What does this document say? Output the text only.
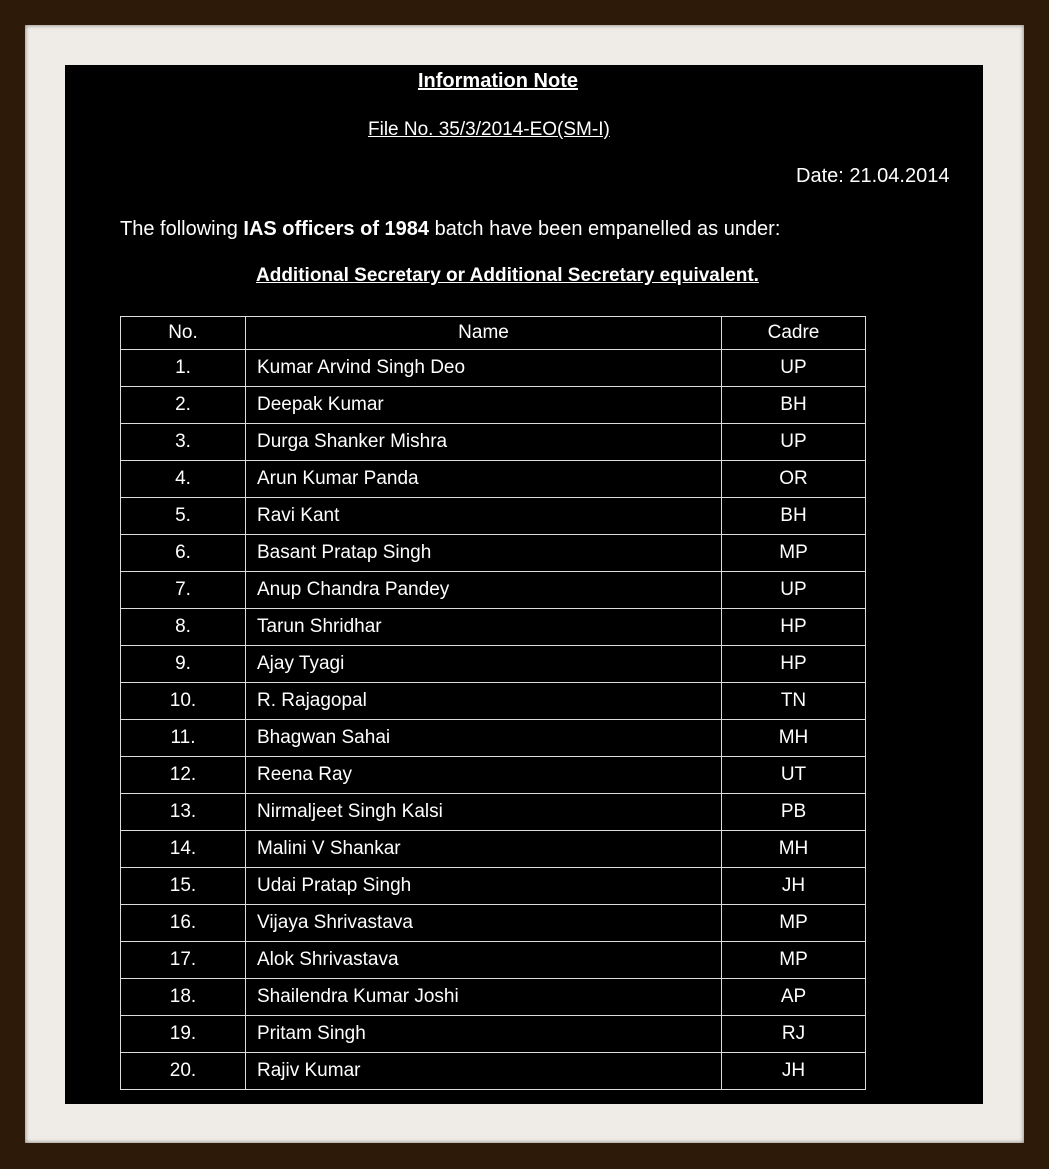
Information Note
File No. 35/3/2014-EO(SM-I)
Date: 21.04.2014
The following IAS officers of 1984 batch have been empanelled as under:
Additional Secretary or Additional Secretary equivalent.
No.	Name	Cadre
1.	Kumar Arvind Singh Deo	UP
2.	Deepak Kumar	BH
3.	Durga Shanker Mishra	UP
4.	Arun Kumar Panda	OR
5.	Ravi Kant	BH
6.	Basant Pratap Singh	MP
7.	Anup Chandra Pandey	UP
8.	Tarun Shridhar	HP
9.	Ajay Tyagi	HP
10.	R. Rajagopal	TN
11.	Bhagwan Sahai	MH
12.	Reena Ray	UT
13.	Nirmaljeet Singh Kalsi	PB
14.	Malini V Shankar	MH
15.	Udai Pratap Singh	JH
16.	Vijaya Shrivastava	MP
17.	Alok Shrivastava	MP
18.	Shailendra Kumar Joshi	AP
19.	Pritam Singh	RJ
20.	Rajiv Kumar	JH
